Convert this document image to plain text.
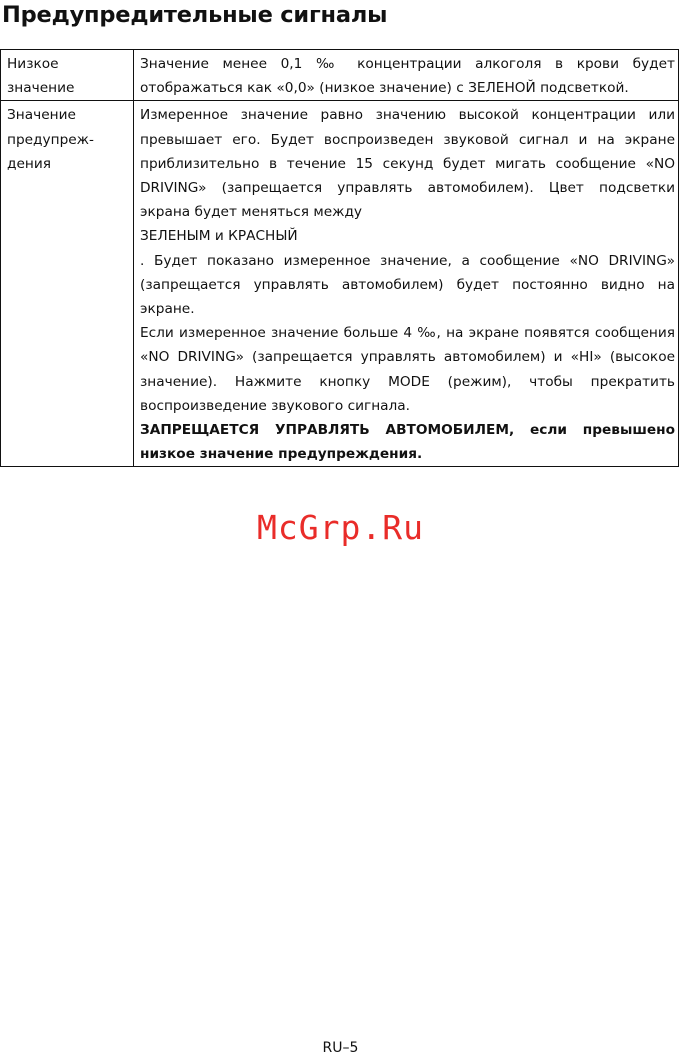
Предупредительные сигналы
Низкое значение	Значение менее 0,1 ‰ концентрации алкоголя в крови будет отображаться как «0,0» (низкое значение) с ЗЕЛЕНОЙ подсветкой.

Значение предупреждения	Измеренное значение равно значению высокой концентрации или превышает его. Будет воспроизведен звуковой сигнал и на экране приблизительно в течение 15 секунд будет мигать сообщение «NO DRIVING» (запрещается управлять автомобилем). Цвет подсветки экрана будет меняться между

ЗЕЛЕНЫМ и КРАСНЫЙ

. Будет показано измеренное значение, а сообщение «NO DRIVING» (запрещается управлять автомобилем) будет постоянно видно на экране.

Если измеренное значение больше 4 ‰, на экране появятся сообщения «NO DRIVING» (запрещается управлять автомобилем) и «HI» (высокое значение). Нажмите кнопку MODE (режим), чтобы прекратить воспроизведение звукового сигнала.

ЗАПРЕЩАЕТСЯ УПРАВЛЯТЬ АВТОМОБИЛЕМ, если превышено низкое значение предупреждения.

McGrp.Ru
RU–5
